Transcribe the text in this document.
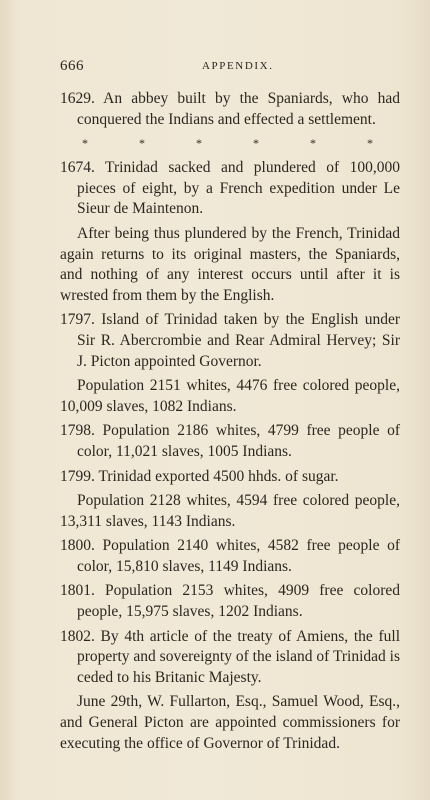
666	APPENDIX.

1629. An abbey built by the Spaniards, who had conquered the Indians and effected a settlement.

* * * * * *

1674. Trinidad sacked and plundered of 100,000 pieces of eight, by a French expedition under Le Sieur de Maintenon.

After being thus plundered by the French, Trinidad again returns to its original masters, the Spaniards, and nothing of any interest occurs until after it is wrested from them by the English.

1797. Island of Trinidad taken by the English under Sir R. Abercrombie and Rear Admiral Hervey; Sir J. Picton appointed Governor.

Population 2151 whites, 4476 free colored people, 10,009 slaves, 1082 Indians.

1798. Population 2186 whites, 4799 free people of color, 11,021 slaves, 1005 Indians.

1799. Trinidad exported 4500 hhds. of sugar.

Population 2128 whites, 4594 free colored people, 13,311 slaves, 1143 Indians.

1800. Population 2140 whites, 4582 free people of color, 15,810 slaves, 1149 Indians.

1801. Population 2153 whites, 4909 free colored people, 15,975 slaves, 1202 Indians.

1802. By 4th article of the treaty of Amiens, the full property and sovereignty of the island of Trinidad is ceded to his Britanic Majesty.

June 29th, W. Fullarton, Esq., Samuel Wood, Esq., and General Picton are appointed commissioners for executing the office of Governor of Trinidad.
